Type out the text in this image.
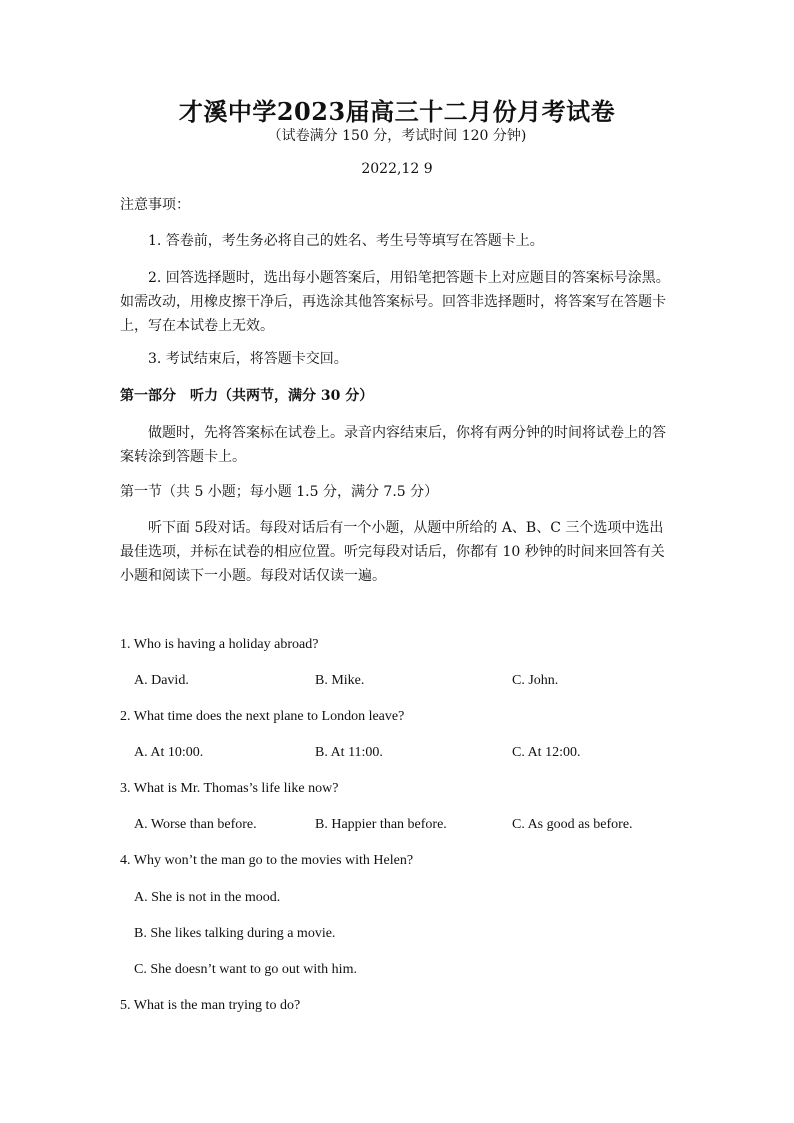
才溪中学2023届高三十二月份月考试卷
（试卷满分 150 分，考试时间 120 分钟)
2022,12 9
注意事项：
1. 答卷前，考生务必将自己的姓名、考生号等填写在答题卡上。
2. 回答选择题时，选出每小题答案后，用铅笔把答题卡上对应题目的答案标号涂黑。如需改动，用橡皮擦干净后，再选涂其他答案标号。回答非选择题时，将答案写在答题卡上，写在本试卷上无效。
3. 考试结束后，将答题卡交回。
第一部分　听力（共两节，满分 30 分）
做题时，先将答案标在试卷上。录音内容结束后，你将有两分钟的时间将试卷上的答案转涂到答题卡上。
第一节（共 5 小题；每小题 1.5 分，满分 7.5 分）
听下面 5段对话。每段对话后有一个小题，从题中所给的 A、B、C 三个选项中选出最佳选项，并标在试卷的相应位置。听完每段对话后，你都有 10 秒钟的时间来回答有关小题和阅读下一小题。每段对话仅读一遍。
1. Who is having a holiday abroad?
A. David.	B. Mike.	C. John.
2. What time does the next plane to London leave?
A. At 10:00.	B. At 11:00.	C. At 12:00.
3. What is Mr. Thomas’s life like now?
A. Worse than before.	B. Happier than before.	C. As good as before.
4. Why won’t the man go to the movies with Helen?
A. She is not in the mood.
B. She likes talking during a movie.
C. She doesn’t want to go out with him.
5. What is the man trying to do?
